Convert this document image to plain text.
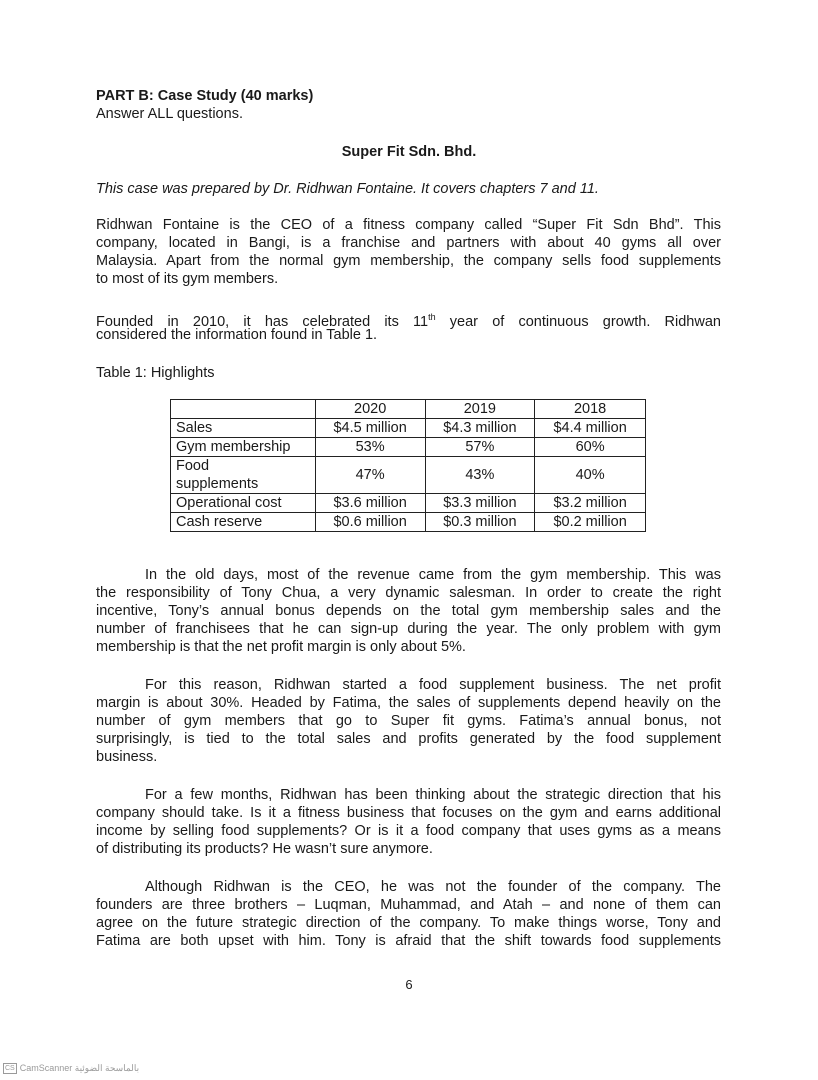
PART B: Case Study (40 marks)
Answer ALL questions.
Super Fit Sdn. Bhd.
This case was prepared by Dr. Ridhwan Fontaine. It covers chapters 7 and 11.
Ridhwan Fontaine is the CEO of a fitness company called “Super Fit Sdn Bhd”. This
company, located in Bangi, is a franchise and partners with about 40 gyms all over
Malaysia. Apart from the normal gym membership, the company sells food supplements
to most of its gym members.
Founded in 2010, it has celebrated its 11th year of continuous growth. Ridhwan
considered the information found in Table 1.
Table 1: Highlights
	2020	2019	2018
Sales	$4.5 million	$4.3 million	$4.4 million
Gym membership	53%	57%	60%

Food
supplements	47%	43%	40%
Operational cost	$3.6 million	$3.3 million	$3.2 million
Cash reserve	$0.6 million	$0.3 million	$0.2 million
In the old days, most of the revenue came from the gym membership. This was
the responsibility of Tony Chua, a very dynamic salesman. In order to create the right
incentive, Tony’s annual bonus depends on the total gym membership sales and the
number of franchisees that he can sign-up during the year. The only problem with gym
membership is that the net profit margin is only about 5%.
For this reason, Ridhwan started a food supplement business. The net profit
margin is about 30%. Headed by Fatima, the sales of supplements depend heavily on the
number of gym members that go to Super fit gyms. Fatima’s annual bonus, not
surprisingly, is tied to the total sales and profits generated by the food supplement
business.
For a few months, Ridhwan has been thinking about the strategic direction that his
company should take. Is it a fitness business that focuses on the gym and earns additional
income by selling food supplements? Or is it a food company that uses gyms as a means
of distributing its products? He wasn’t sure anymore.
Although Ridhwan is the CEO, he was not the founder of the company. The
founders are three brothers – Luqman, Muhammad, and Atah – and none of them can
agree on the future strategic direction of the company. To make things worse, Tony and
Fatima are both upset with him. Tony is afraid that the shift towards food supplements
6
CS CamScanner بالماسحة الضوئية
